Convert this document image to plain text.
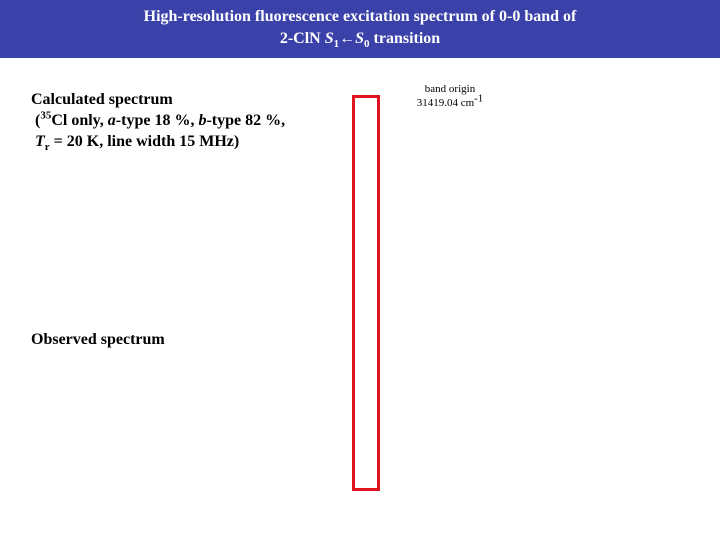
High-resolution fluorescence excitation spectrum of 0-0 band of
2-ClN $S_1\leftarrow S_0$ transition
Calculated spectrum
($^{35}$Cl only, a-type 18 %, b-type 82 %,
$T_r = 20$ K, line width 15 MHz)
Observed spectrum
band origin
31419.04 $cm^{-1}$
